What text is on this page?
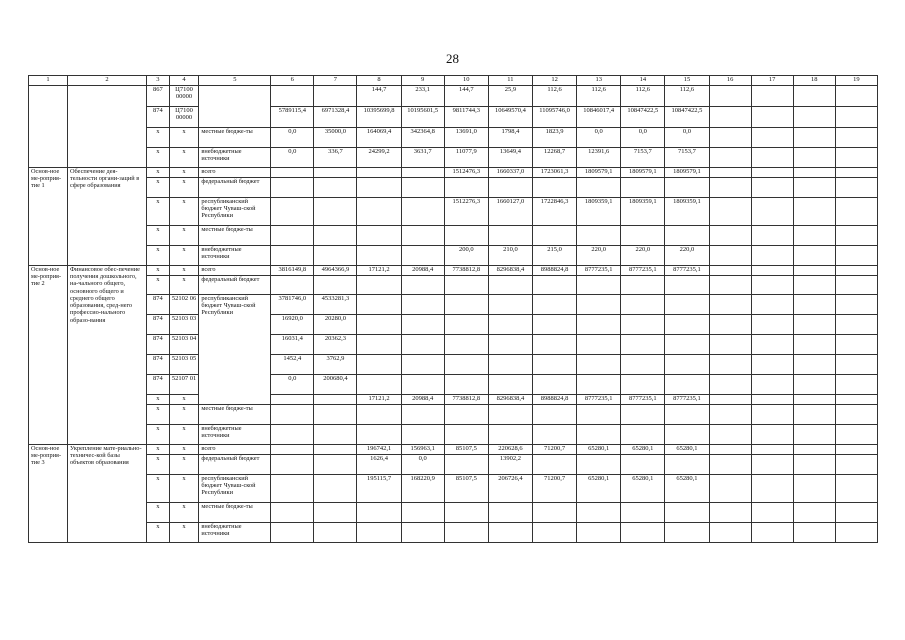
28
1	2	3	4	5	6	7	8	9	10	11	12	13	14	15	16	17	18	19
		867	Ц7100 00000				144,7	233,1	144,7	25,9	112,6	112,6	112,6	112,6				
		874	Ц7100 00000		5789115,4	6971328,4	10395699,8	10195601,5	9811744,3	10649570,4	11095746,0	10846017,4	10847422,5	10847422,5				
		х	х	местные бюдже-ты	0,0	35000,0	164069,4	342364,8	13691,0	1798,4	1823,9	0,0	0,0	0,0				
		х	х	внебюджетные источники	0,0	336,7	24299,2	3631,7	11077,9	13649,4	12268,7	12391,6	7153,7	7153,7				
Основ-ное ме-роприя-тие 1	Обеспечение дея-тельности органи-заций в сфере образования	х	х	всего					1512476,3	1660337,0	1723061,3	1809579,1	1809579,1	1809579,1				
		х	х	федеральный бюджет														
		х	х	республиканский бюджет Чуваш-ской Республики					1512276,3	1660127,0	1722846,3	1809359,1	1809359,1	1809359,1				
		х	х	местные бюдже-ты														
		х	х	внебюджетные источники					200,0	210,0	215,0	220,0	220,0	220,0				
Основ-ное ме-роприя-тие 2	Финансовое обес-печение получения дошкольного, на-чального общего, основного общего и среднего общего образования, сред-него профессио-нального образо-вания	х	х	всего	3816149,8	4964366,9	17121,2	20988,4	7738812,8	8296838,4	8988824,8	8777235,1	8777235,1	8777235,1				
		х	х	федеральный бюджет														
		874	52102 06	республиканский бюджет Чуваш-ской Республики	3781746,0	4533281,3												
		874	52103 03		16920,0	20280,0												
		874	52103 04		16031,4	20362,3												
		874	52103 05		1452,4	3762,9												
		874	52107 01		0,0	200680,4												
		х	х				17121,2	20988,4	7738812,8	8296838,4	8988824,8	8777235,1	8777235,1	8777235,1				
		х	х	местные бюдже-ты														
		х	х	внебюджетные источники														
Основ-ное ме-роприя-тие 3	Укрепление мате-риально-техничес-кой базы объектов образования	х	х	всего			196742,1	156963,1	85107,5	220628,6	71200,7	65280,1	65280,1	65280,1				
		х	х	федеральный бюджет			1626,4	0,0		13902,2								
		х	х	республиканский бюджет Чуваш-ской Республики			195115,7	168220,9	85107,5	206726,4	71200,7	65280,1	65280,1	65280,1				
		х	х	местные бюдже-ты														
		х	х	внебюджетные источники														
